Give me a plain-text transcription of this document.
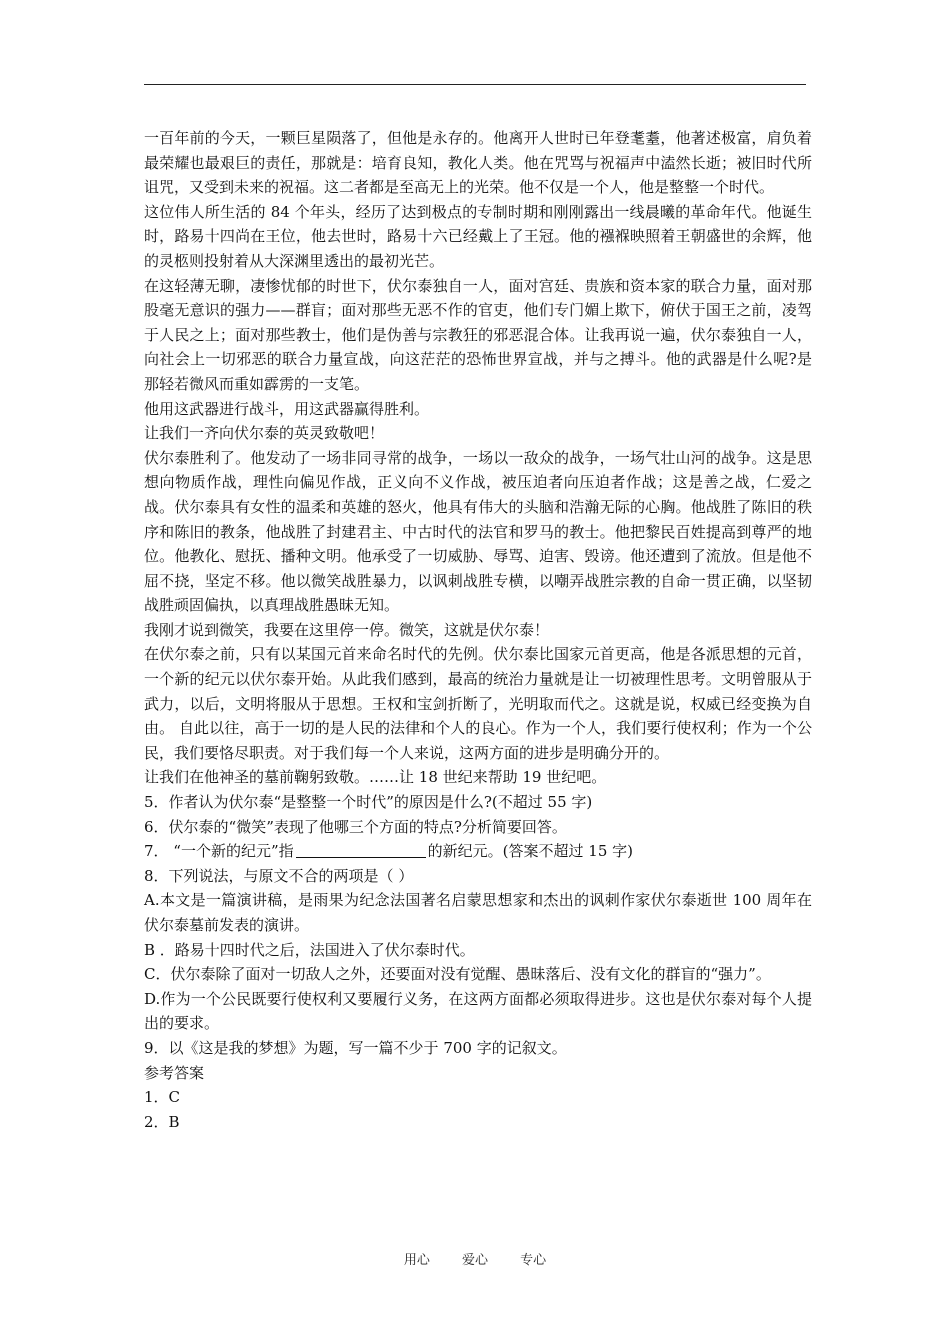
一百年前的今天，一颗巨星陨落了，但他是永存的。他离开人世时已年登耄耋，他著述极富，肩负着最荣耀也最艰巨的责任，那就是：培育良知，教化人类。他在咒骂与祝福声中溘然长逝；被旧时代所诅咒，又受到未来的祝福。这二者都是至高无上的光荣。他不仅是一个人，他是整整一个时代。

这位伟人所生活的 84 个年头，经历了达到极点的专制时期和刚刚露出一线晨曦的革命年代。他诞生时，路易十四尚在王位，他去世时，路易十六已经戴上了王冠。他的襁褓映照着王朝盛世的余辉，他的灵柩则投射着从大深渊里透出的最初光芒。

在这轻薄无聊，凄惨忧郁的时世下，伏尔泰独自一人，面对宫廷、贵族和资本家的联合力量，面对那股毫无意识的强力——群盲；面对那些无恶不作的官吏，他们专门媚上欺下，俯伏于国王之前，凌驾于人民之上；面对那些教士，他们是伪善与宗教狂的邪恶混合体。让我再说一遍，伏尔泰独自一人，向社会上一切邪恶的联合力量宣战，向这茫茫的恐怖世界宣战，并与之搏斗。他的武器是什么呢?是那轻若微风而重如霹雳的一支笔。

他用这武器进行战斗，用这武器赢得胜利。

让我们一齐向伏尔泰的英灵致敬吧！

伏尔泰胜利了。他发动了一场非同寻常的战争，一场以一敌众的战争，一场气壮山河的战争。这是思想向物质作战，理性向偏见作战，正义向不义作战，被压迫者向压迫者作战；这是善之战，仁爱之战。伏尔泰具有女性的温柔和英雄的怒火，他具有伟大的头脑和浩瀚无际的心胸。他战胜了陈旧的秩序和陈旧的教条，他战胜了封建君主、中古时代的法官和罗马的教士。他把黎民百姓提高到尊严的地位。他教化、慰抚、播种文明。他承受了一切威胁、辱骂、迫害、毁谤。他还遭到了流放。但是他不屈不挠，坚定不移。他以微笑战胜暴力，以讽刺战胜专横，以嘲弄战胜宗教的自命一贯正确，以坚韧战胜顽固偏执，以真理战胜愚昧无知。

我刚才说到微笑，我要在这里停一停。微笑，这就是伏尔泰！

在伏尔泰之前，只有以某国元首来命名时代的先例。伏尔泰比国家元首更高，他是各派思想的元首，一个新的纪元以伏尔泰开始。从此我们感到，最高的统治力量就是让一切被理性思考。文明曾服从于武力，以后，文明将服从于思想。王权和宝剑折断了，光明取而代之。这就是说，权威已经变换为自由。 自此以往，高于一切的是人民的法律和个人的良心。作为一个人，我们要行使权利；作为一个公民，我们要恪尽职责。对于我们每一个人来说，这两方面的进步是明确分开的。

让我们在他神圣的墓前鞠躬致敬。……让 18 世纪来帮助 19 世纪吧。

5．作者认为伏尔泰“是整整一个时代”的原因是什么?(不超过 55 字)

6．伏尔泰的“微笑”表现了他哪三个方面的特点?分析简要回答。

7． “一个新的纪元”指	的新纪元。(答案不超过 15 字)

8．下列说法，与原文不合的两项是（ ）

A.本文是一篇演讲稿，是雨果为纪念法国著名启蒙思想家和杰出的讽刺作家伏尔泰逝世 100 周年在伏尔泰墓前发表的演讲。

B ．路易十四时代之后，法国进入了伏尔泰时代。

C．伏尔泰除了面对一切敌人之外，还要面对没有觉醒、愚昧落后、没有文化的群盲的“强力”。

D.作为一个公民既要行使权利又要履行义务，在这两方面都必须取得进步。这也是伏尔泰对每个人提出的要求。

9．以《这是我的梦想》为题，写一篇不少于 700 字的记叙文。

参考答案

1．C

2．B

用心 爱心 专心
